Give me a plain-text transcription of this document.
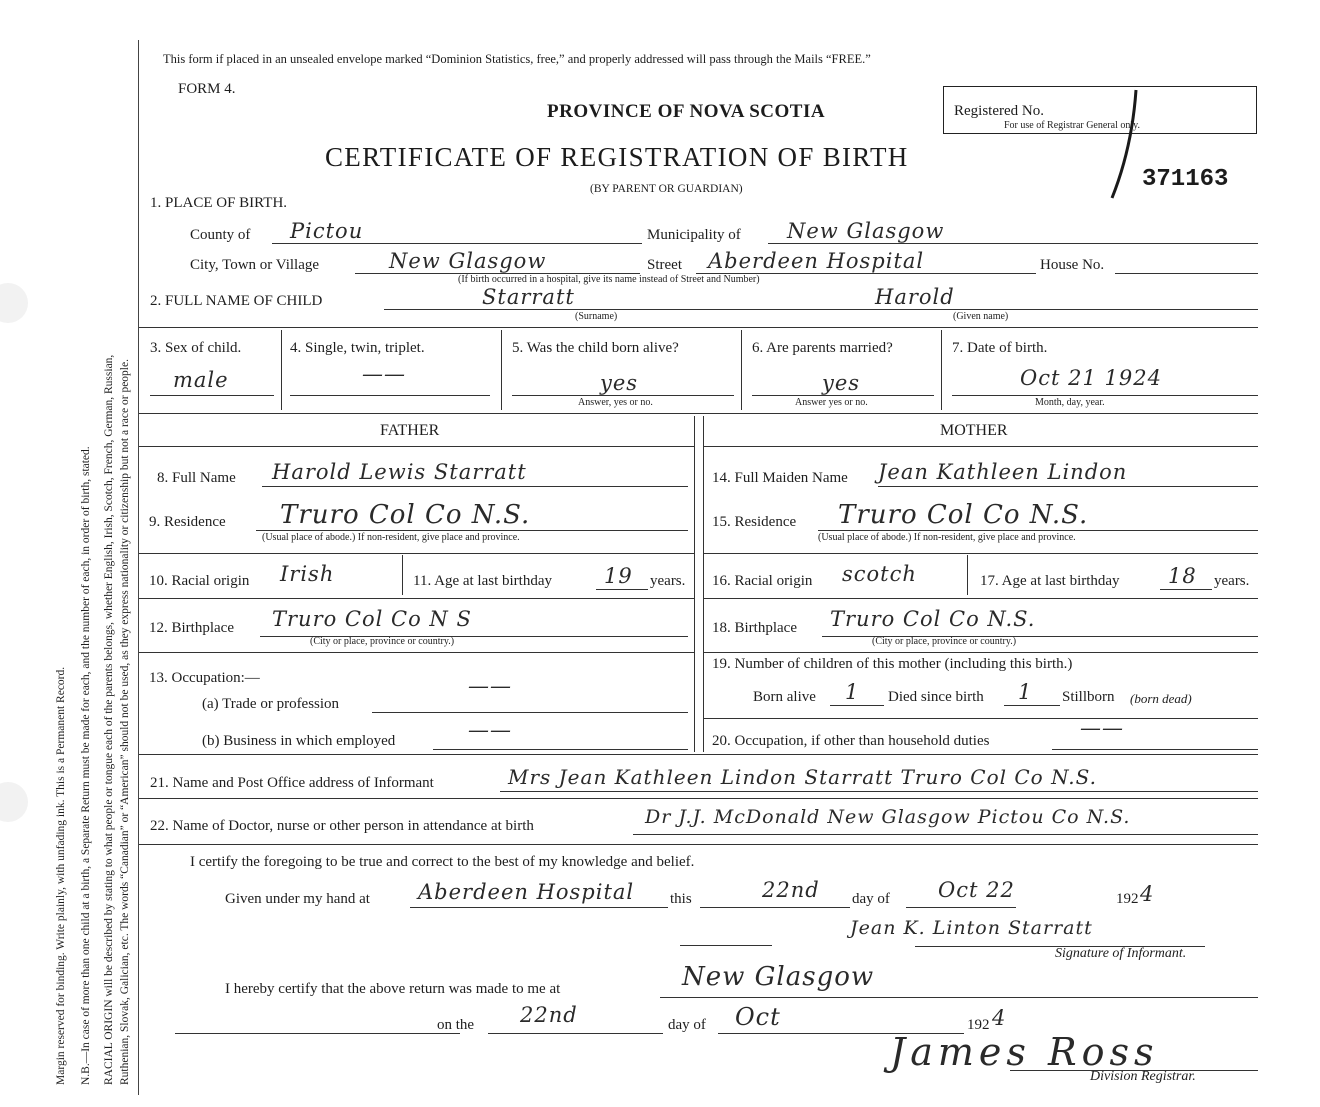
Margin reserved for binding. Write plainly, with unfading ink. This is a Permanent Record. N.B.—In case of more than one child at a birth, a Separate Return must be made for each, and the number of each, in order of birth, stated. RACIAL ORIGIN will be described by stating to what people or tongue each of the parents belongs, whether English, Irish, Scotch, French, German, Russian, Ruthenian, Slovak, Galician, etc. The words “Canadian” or “American” should not be used, as they express nationality or citizenship but not a race or people.
This form if placed in an unsealed envelope marked “Dominion Statistics, free,” and properly addressed will pass through the Mails “FREE.”
FORM 4.
PROVINCE OF NOVA SCOTIA
CERTIFICATE OF REGISTRATION OF BIRTH
(BY PARENT OR GUARDIAN)
Registered No.
For use of Registrar General only.
371163
1. PLACE OF BIRTH.
County of Pictou	Municipality of New Glasgow
City, Town or Village	New Glasgow	Street Aberdeen Hospital	House No.
(If birth occurred in a hospital, give its name instead of Street and Number)
2. FULL NAME OF CHILD	Starratt
(Surname)
Harold
(Given name)
3. Sex of child.
male
4. Single, twin, triplet.
——
5. Was the child born alive?
yes
Answer, yes or no.
6. Are parents married?
yes
Answer yes or no.
7. Date of birth.
Oct 21 1924
Month, day, year.
FATHER	MOTHER
8. Full Name Harold Lewis Starratt
9. Residence Truro Col Co N.S.
(Usual place of abode.) If non-resident, give place and province.
10. Racial origin Irish	11. Age at last birthday 19 years.
12. Birthplace Truro Col Co N S
(City or place, province or country.)
13. Occupation:—
(a) Trade or profession
——
(b) Business in which employed	——
14. Full Maiden Name Jean Kathleen Lindon
15. Residence Truro Col Co N.S.
(Usual place of abode.) If non-resident, give place and province.
16. Racial origin scotch	17. Age at last birthday 18 years.
18. Birthplace Truro Col Co N.S.
(City or place, province or country.)
19. Number of children of this mother (including this birth.)
Born alive 1 Died since birth 1 Stillborn (born dead)
20. Occupation, if other than household duties
——
21. Name and Post Office address of Informant	Mrs Jean Kathleen Lindon Starratt Truro Col Co N.S.
22. Name of Doctor, nurse or other person in attendance at birth	Dr J.J. McDonald New Glasgow Pictou Co N.S.
I certify the foregoing to be true and correct to the best of my knowledge and belief.
Given under my hand at Aberdeen Hospital this	22nd day of Oct 22	192 4
Jean K. Linton Starratt
Signature of Informant.
I hereby certify that the above return was made to me at	New Glasgow
on the 22nd	day of Oct	192 4
James Ross
Division Registrar.
